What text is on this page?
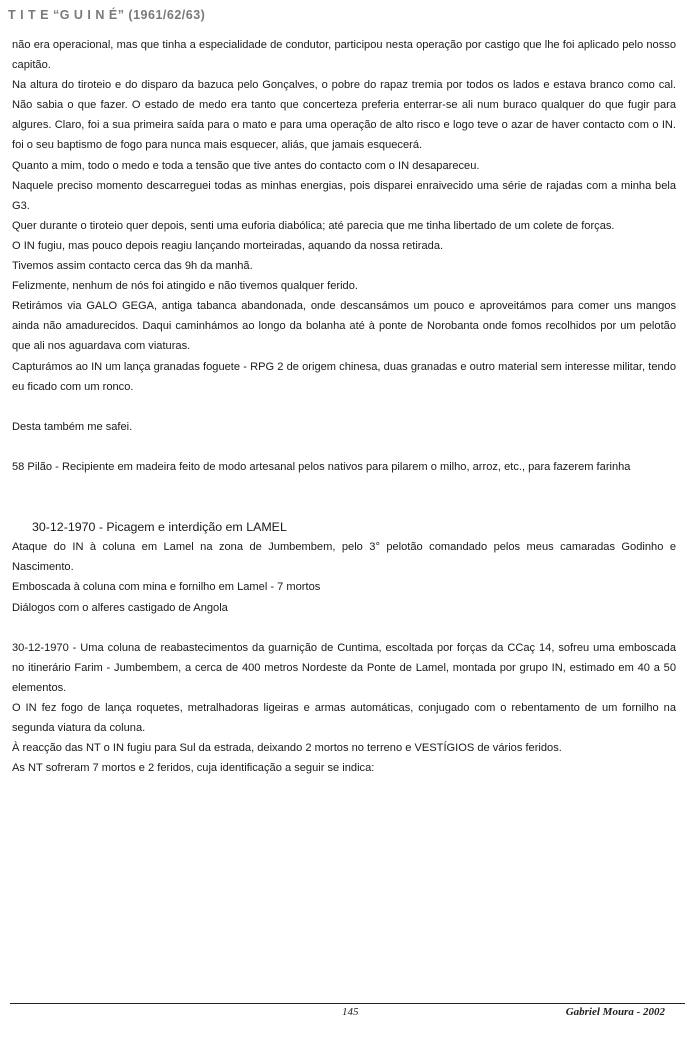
T I T E “G U I N É” (1961/62/63)

não era operacional, mas que tinha a especialidade de condutor, participou nesta operação por castigo que lhe foi aplicado pelo nosso capitão.

Na altura do tiroteio e do disparo da bazuca pelo Gonçalves, o pobre do rapaz tremia por todos os lados e estava branco como cal. Não sabia o que fazer. O estado de medo era tanto que concerteza preferia enterrar-se ali num buraco qualquer do que fugir para algures. Claro, foi a sua primeira saída para o mato e para uma operação de alto risco e logo teve o azar de haver contacto com o IN. foi o seu baptismo de fogo para nunca mais esquecer, aliás, que jamais esquecerá.

Quanto a mim, todo o medo e toda a tensão que tive antes do contacto com o IN desapareceu.

Naquele preciso momento descarreguei todas as minhas energias, pois disparei enraivecido uma série de rajadas com a minha bela G3.

Quer durante o tiroteio quer depois, senti uma euforia diabólica; até parecia que me tinha libertado de um colete de forças.

O IN fugiu, mas pouco depois reagiu lançando morteiradas, aquando da nossa retirada.

Tivemos assim contacto cerca das 9h da manhã.

Felizmente, nenhum de nós foi atingido e não tivemos qualquer ferido.

Retirámos via GALO GEGA, antiga tabanca abandonada, onde descansámos um pouco e aproveitámos para comer uns mangos ainda não amadurecidos. Daqui caminhámos ao longo da bolanha até à ponte de Norobanta onde fomos recolhidos por um pelotão que ali nos aguardava com viaturas.

Capturámos ao IN um lança granadas foguete - RPG 2 de origem chinesa, duas granadas e outro material sem interesse militar, tendo eu ficado com um ronco.

Desta também me safei.

58 Pilão - Recipiente em madeira feito de modo artesanal pelos nativos para pilarem o milho, arroz, etc., para fazerem farinha

30-12-1970 - Picagem e interdição em LAMEL

Ataque do IN à coluna em Lamel na zona de Jumbembem, pelo 3° pelotão comandado pelos meus camaradas Godinho e Nascimento.

Emboscada à coluna com mina e fornilho em Lamel - 7 mortos

Diálogos com o alferes castigado de Angola

30-12-1970 - Uma coluna de reabastecimentos da guarnição de Cuntima, escoltada por forças da CCaç 14, sofreu uma emboscada no itinerário Farim - Jumbembem, a cerca de 400 metros Nordeste da Ponte de Lamel, montada por grupo IN, estimado em 40 a 50 elementos.

O IN fez fogo de lança roquetes, metralhadoras ligeiras e armas automáticas, conjugado com o rebentamento de um fornilho na segunda viatura da coluna.

À reacção das NT o IN fugiu para Sul da estrada, deixando 2 mortos no terreno e VESTÍGIOS de vários feridos.

As NT sofreram 7 mortos e 2 feridos, cuja identificação a seguir se indica:

145	Gabriel Moura - 2002
